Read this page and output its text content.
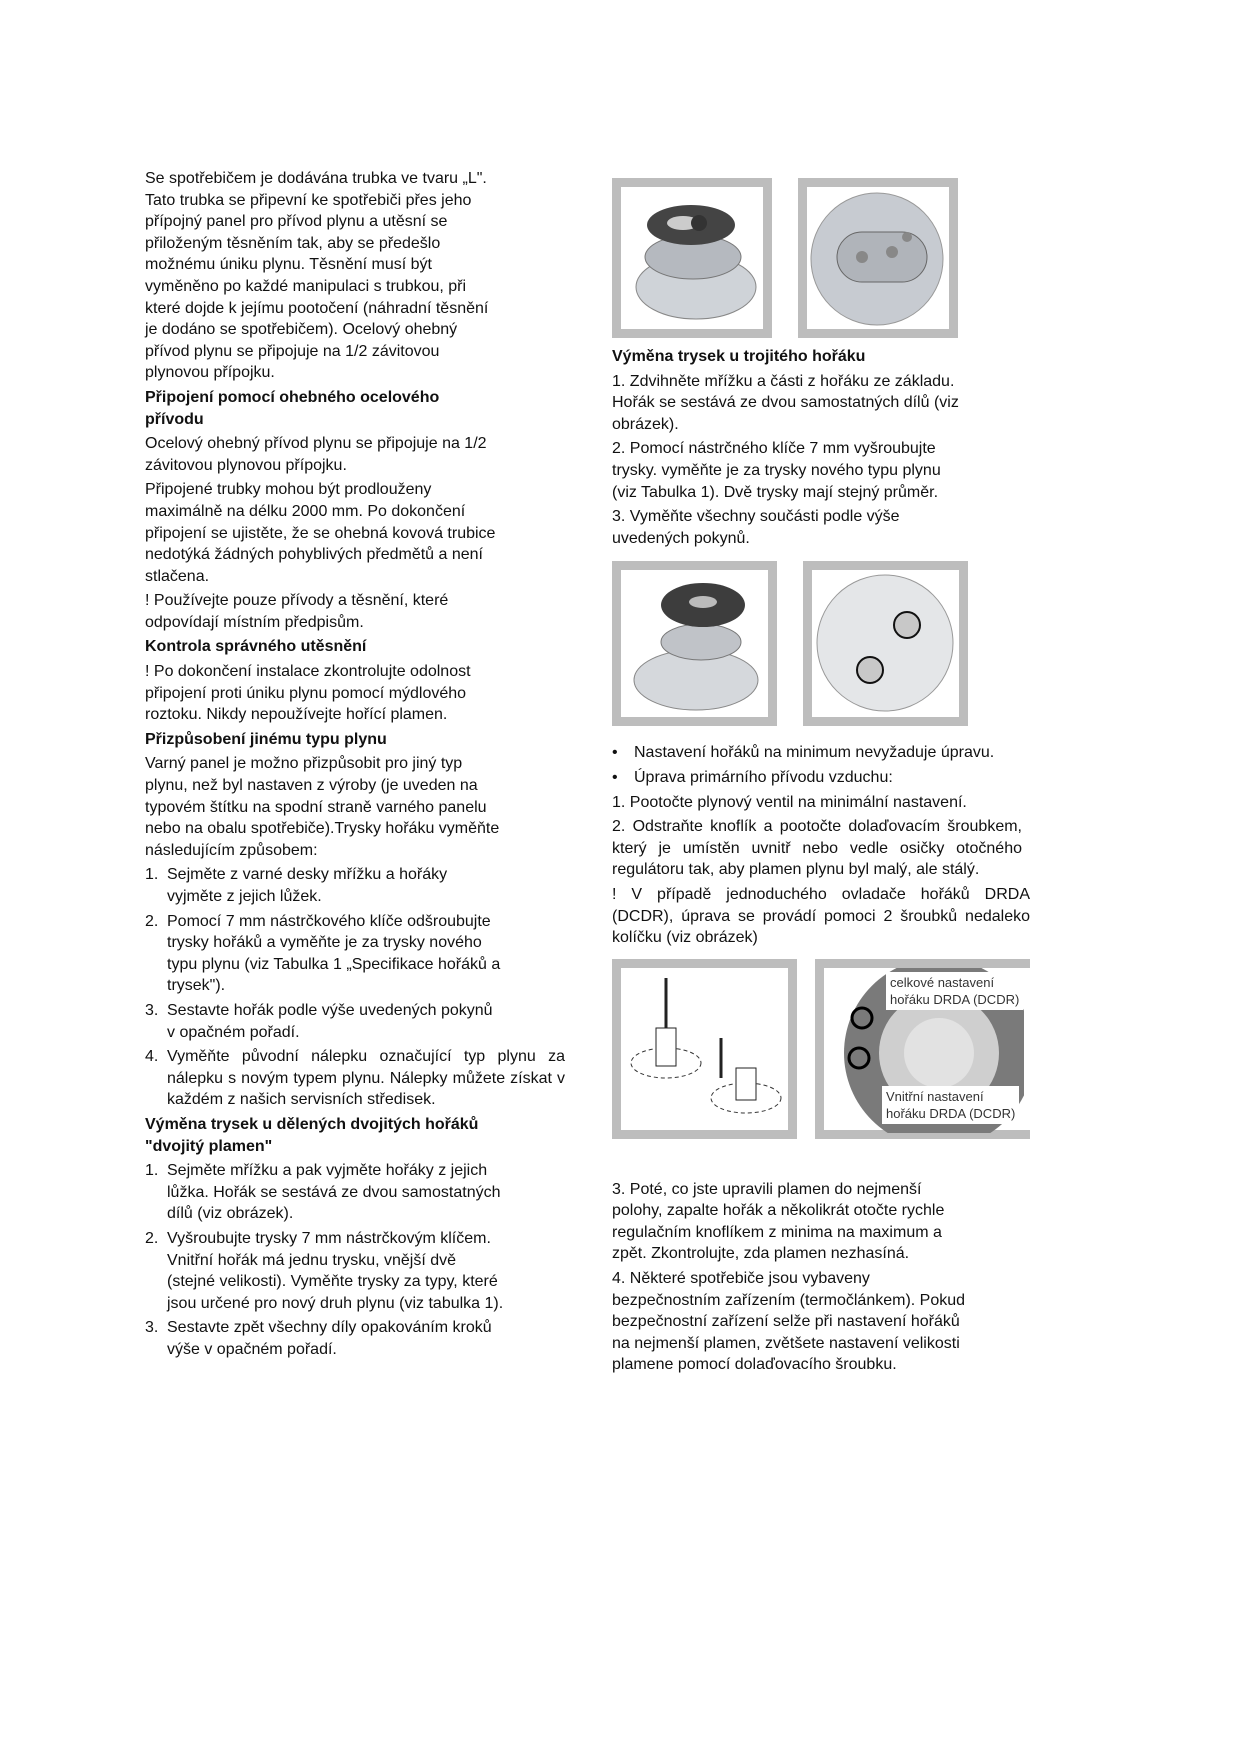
Se spotřebičem je dodávána trubka ve tvaru „L".
Tato trubka se připevní ke spotřebiči přes jeho
přípojný panel pro přívod plynu a utěsní se
přiloženým těsněním tak, aby se předešlo
možnému úniku plynu. Těsnění musí být
vyměněno po každé manipulaci s trubkou, při
které dojde k jejímu pootočení (náhradní těsnění
je dodáno se spotřebičem). Ocelový ohebný
přívod plynu se připojuje na 1/2 závitovou
plynovou přípojku.

Připojení pomocí ohebného ocelového
přívodu

Ocelový ohebný přívod plynu se připojuje na 1/2
závitovou plynovou přípojku.

Připojené trubky mohou být prodlouženy
maximálně na délku 2000 mm. Po dokončení
připojení se ujistěte, že se ohebná kovová trubice
nedotýká žádných pohyblivých předmětů a není
stlačena.

! Používejte pouze přívody a těsnění, které
odpovídají místním předpisům.

Kontrola správného utěsnění

! Po dokončení instalace zkontrolujte odolnost
připojení proti úniku plynu pomocí mýdlového
roztoku. Nikdy nepoužívejte hořící plamen.

Přizpůsobení jinému typu plynu

Varný panel je možno přizpůsobit pro jiný typ
plynu, než byl nastaven z výroby (je uveden na
typovém štítku na spodní straně varného panelu
nebo na obalu spotřebiče).Trysky hořáku vyměňte
následujícím způsobem:

1. Sejměte z varné desky mřížku a hořáky
vyjměte z jejich lůžek.
2. Pomocí 7 mm nástrčkového klíče odšroubujte
trysky hořáků a vyměňte je za trysky nového
typu plynu (viz Tabulka 1 „Specifikace hořáků a
trysek").
3. Sestavte hořák podle výše uvedených pokynů
v opačném pořadí.
4. Vyměňte původní nálepku označující typ plynu za nálepku s novým typem plynu. Nálepky můžete získat v každém z našich servisních středisek.
Výměna trysek u dělených dvojitých hořáků
"dvojitý plamen"
1. Sejměte mřížku a pak vyjměte hořáky z jejich
lůžka. Hořák se sestává ze dvou samostatných
dílů (viz obrázek).
2. Vyšroubujte trysky 7 mm nástrčkovým klíčem.
Vnitřní hořák má jednu trysku, vnější dvě
(stejné velikosti). Vyměňte trysky za typy, které
jsou určené pro nový druh plynu (viz tabulka 1).
3. Sestavte zpět všechny díly opakováním kroků
výše v opačném pořadí.
Výměna trysek u trojitého hořáku

1. Zdvihněte mřížku a části z hořáku ze základu.
Hořák se sestává ze dvou samostatných dílů (viz
obrázek).

2. Pomocí nástrčného klíče 7 mm vyšroubujte
trysky. vyměňte je za trysky nového typu plynu
(viz Tabulka 1). Dvě trysky mají stejný průměr.

3. Vyměňte všechny součásti podle výše
uvedených pokynů.

•	Nastavení hořáků na minimum nevyžaduje úpravu.
•	Úprava primárního přívodu vzduchu:

1. Pootočte plynový ventil na minimální nastavení.

2. Odstraňte knoflík a pootočte dolaďovacím šroubkem, který je umístěn uvnitř nebo vedle osičky otočného regulátoru tak, aby plamen plynu byl malý, ale stálý.

! V případě jednoduchého ovladače hořáků DRDA (DCDR), úprava se provádí pomoci 2 šroubků nedaleko kolíčku (viz obrázek)

celkové nastavení
hořáku DRDA (DCDR)
Vnitřní nastavení
hořáku DRDA (DCDR)

3. Poté, co jste upravili plamen do nejmenší
polohy, zapalte hořák a několikrát otočte rychle
regulačním knoflíkem z minima na maximum a
zpět. Zkontrolujte, zda plamen nezhasíná.

4. Některé spotřebiče jsou vybaveny
bezpečnostním zařízením (termočlánkem). Pokud
bezpečnostní zařízení selže při nastavení hořáků
na nejmenší plamen, zvětšete nastavení velikosti
plamene pomocí dolaďovacího šroubku.
